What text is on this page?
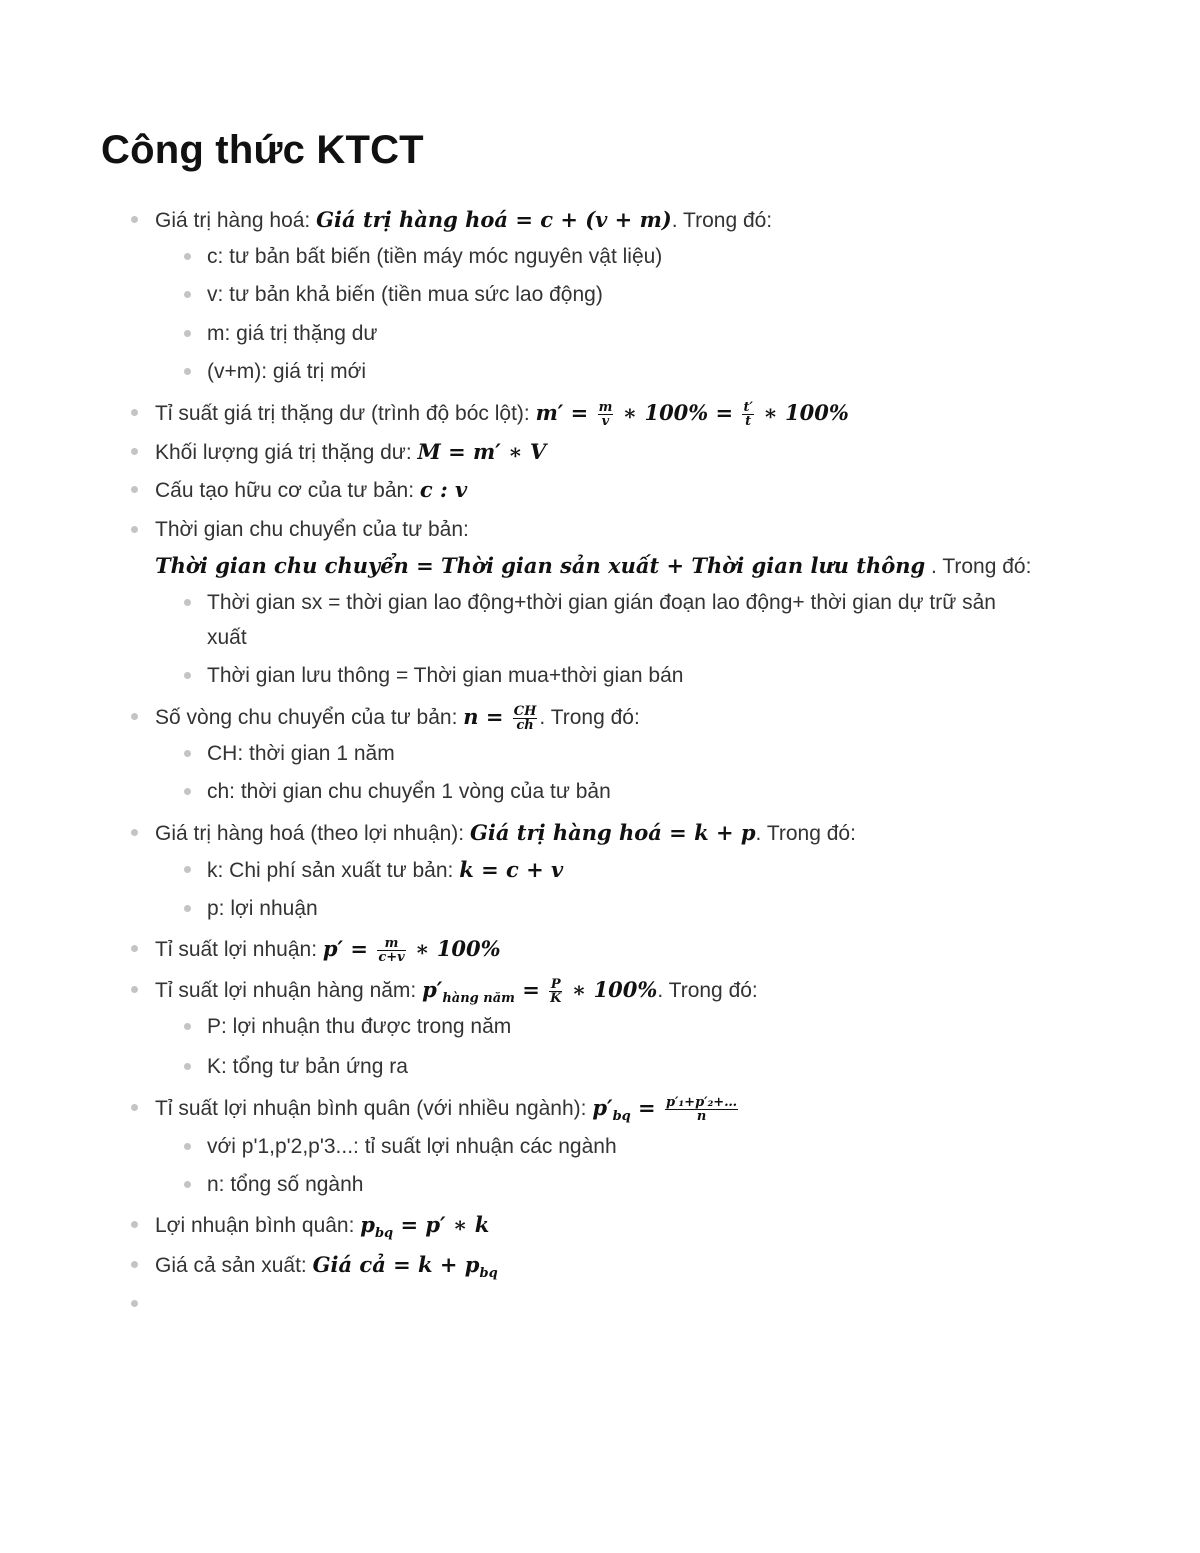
Công thức KTCT
Giá trị hàng hoá: Giá trị hàng hoá = c + (v + m). Trong đó:
c: tư bản bất biến (tiền máy móc nguyên vật liệu)
v: tư bản khả biến (tiền mua sức lao động)
m: giá trị thặng dư
(v+m): giá trị mới
Tỉ suất giá trị thặng dư (trình độ bóc lột): $m' = \frac{m}{v}$ ∗ $100\% = \frac{t'}{t}$ ∗ 100%
Khối lượng giá trị thặng dư: M = m′ ∗ V
Cấu tạo hữu cơ của tư bản: c : v
Thời gian chu chuyển của tư bản:
Thời gian chu chuyển = Thời gian sản xuất + Thời gian lưu thông . Trong đó:
Thời gian sx = thời gian lao động+thời gian gián đoạn lao động+ thời gian dự trữ sản
xuất
Thời gian lưu thông = Thời gian mua+thời gian bán
Số vòng chu chuyển của tư bản: $n = \frac{CH}{ch}$ . Trong đó:
CH: thời gian 1 năm
ch: thời gian chu chuyển 1 vòng của tư bản
Giá trị hàng hoá (theo lợi nhuận): Giá trị hàng hoá = k + p. Trong đó:
k: Chi phí sản xuất tư bản: k = c + v
p: lợi nhuận
Tỉ suất lợi nhuận: $p' = \frac{m}{c+v}$ ∗ 100%
Tỉ suất lợi nhuận hàng năm: $p'_{hàng năm} = \frac{P}{K}$ ∗ 100%. Trong đó:
P: lợi nhuận thu được trong năm
K: tổng tư bản ứng ra
Tỉ suất lợi nhuận bình quân (với nhiều ngành): $p'_{bq} = \frac{\text{p′₁+p′₂+…}}{n}$
với p'1,p'2,p'3...: tỉ suất lợi nhuận các ngành
n: tổng số ngành
Lợi nhuận bình quân: $p_{bq} = p'$ ∗ k
Giá cả sản xuất: Giá cả = $k + p_{bq}$
